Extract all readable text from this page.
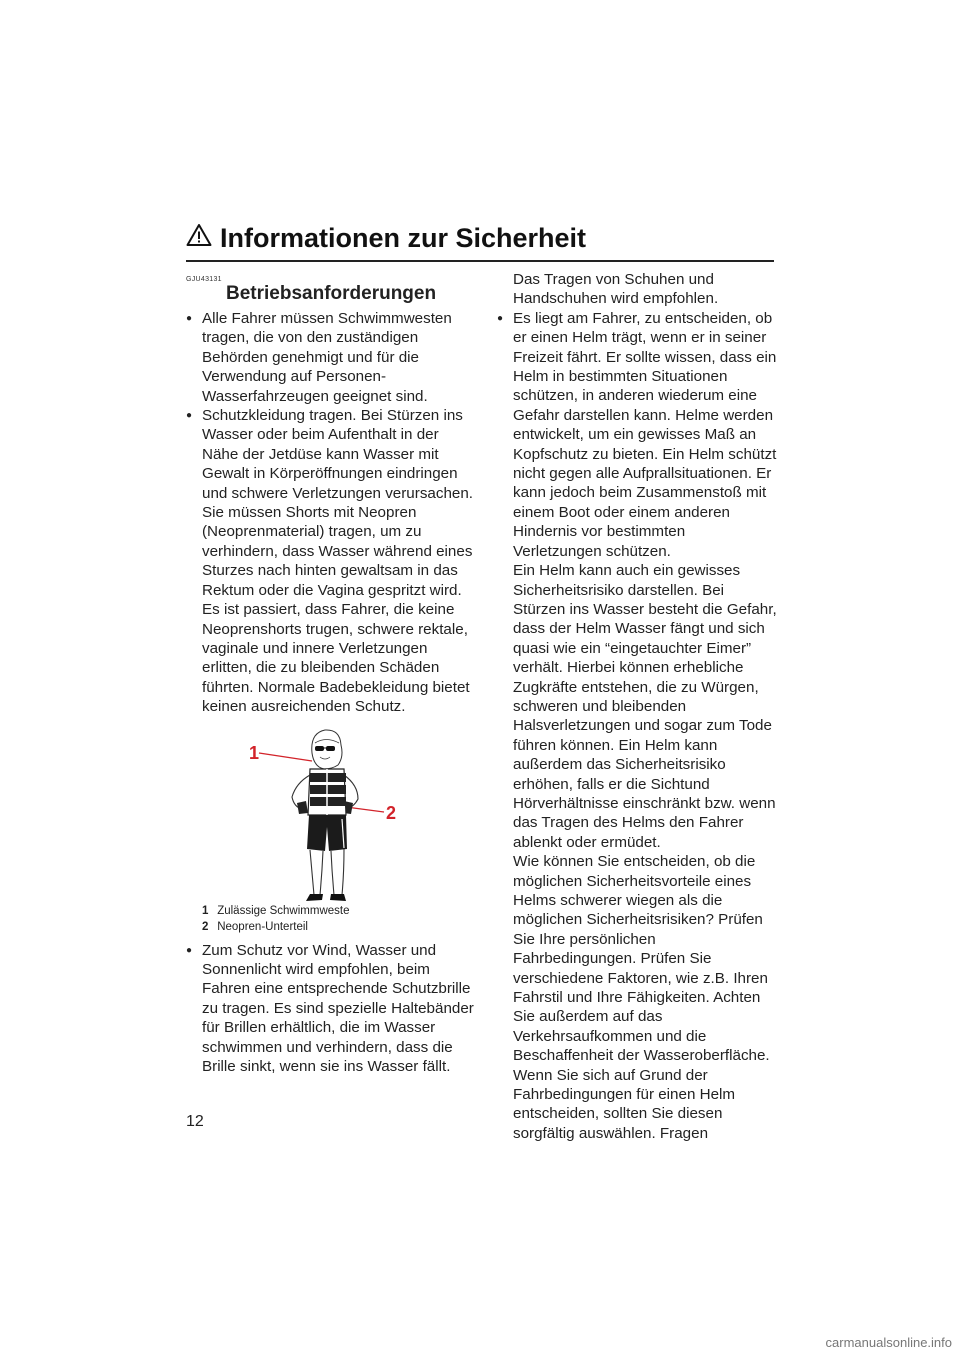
Informationen zur Sicherheit
GJU43131
Betriebsanforderungen
● Alle Fahrer müssen Schwimmwesten tragen, die von den zuständigen Behörden genehmigt und für die Verwendung auf Personen-Wasserfahrzeugen geeignet sind.
● Schutzkleidung tragen. Bei Stürzen ins Wasser oder beim Aufenthalt in der Nähe der Jetdüse kann Wasser mit Gewalt in Körperöffnungen eindringen und schwere Verletzungen verursachen. Sie müssen Shorts mit Neopren (Neoprenmaterial) tragen, um zu verhindern, dass Wasser während eines Sturzes nach hinten gewaltsam in das Rektum oder die Vagina gespritzt wird. Es ist passiert, dass Fahrer, die keine Neoprenshorts trugen, schwere rektale, vaginale und innere Verletzungen erlitten, die zu bleibenden Schäden führten. Normale Badebekleidung bietet keinen ausreichenden Schutz.
1
2
1 Zulässige Schwimmweste
2 Neopren-Unterteil
● Zum Schutz vor Wind, Wasser und Sonnenlicht wird empfohlen, beim Fahren eine entsprechende Schutzbrille zu tragen. Es sind spezielle Haltebänder für Brillen erhältlich, die im Wasser schwimmen und verhindern, dass die Brille sinkt, wenn sie ins Wasser fällt.

Das Tragen von Schuhen und Handschuhen wird empfohlen.

● Es liegt am Fahrer, zu entscheiden, ob er einen Helm trägt, wenn er in seiner Freizeit fährt. Er sollte wissen, dass ein Helm in bestimmten Situationen schützen, in anderen wiederum eine Gefahr darstellen kann. Helme werden entwickelt, um ein gewisses Maß an Kopfschutz zu bieten. Ein Helm schützt nicht gegen alle Aufprallsituationen. Er kann jedoch beim Zusammenstoß mit einem Boot oder einem anderen Hindernis vor bestimmten Verletzungen schützen.

Ein Helm kann auch ein gewisses Sicherheitsrisiko darstellen. Bei Stürzen ins Wasser besteht die Gefahr, dass der Helm Wasser fängt und sich quasi wie ein “eingetauchter Eimer” verhält. Hierbei können erhebliche Zugkräfte entstehen, die zu Würgen, schweren und bleibenden Halsverletzungen und sogar zum Tode führen können. Ein Helm kann außerdem das Sicherheitsrisiko erhöhen, falls er die Sichtund Hörverhältnisse einschränkt bzw. wenn das Tragen des Helms den Fahrer ablenkt oder ermüdet.

Wie können Sie entscheiden, ob die möglichen Sicherheitsvorteile eines Helms schwerer wiegen als die möglichen Sicherheitsrisiken? Prüfen Sie Ihre persönlichen Fahrbedingungen. Prüfen Sie verschiedene Faktoren, wie z.B. Ihren Fahrstil und Ihre Fähigkeiten. Achten Sie außerdem auf das Verkehrsaufkommen und die Beschaffenheit der Wasseroberfläche.

Wenn Sie sich auf Grund der Fahrbedingungen für einen Helm entscheiden, sollten Sie diesen sorgfältig auswählen. Fragen

12
carmanualsonline.info
